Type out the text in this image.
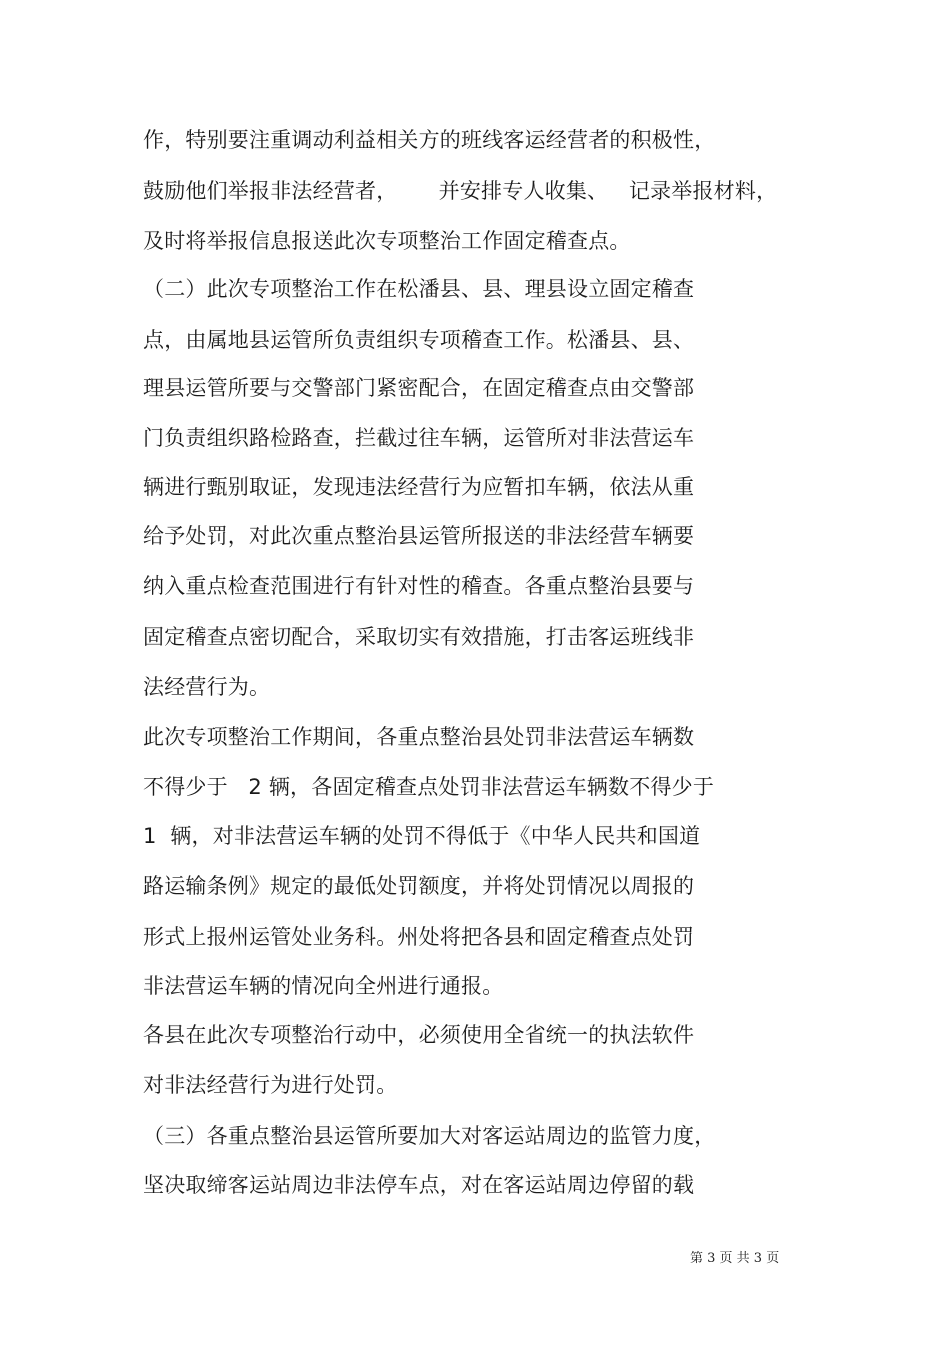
作，特别要注重调动利益相关方的班线客运经营者的积极性，
鼓励他们举报非法经营者，      并安排专人收集、   记录举报材料，
及时将举报信息报送此次专项整治工作固定稽查点。
（二）此次专项整治工作在松潘县、县、理县设立固定稽查
点，由属地县运管所负责组织专项稽查工作。松潘县、县、
理县运管所要与交警部门紧密配合，在固定稽查点由交警部
门负责组织路检路查，拦截过往车辆，运管所对非法营运车
辆进行甄别取证，发现违法经营行为应暂扣车辆，依法从重
给予处罚，对此次重点整治县运管所报送的非法经营车辆要
纳入重点检查范围进行有针对性的稽查。各重点整治县要与
固定稽查点密切配合，采取切实有效措施，打击客运班线非
法经营行为。
此次专项整治工作期间，各重点整治县处罚非法营运车辆数
不得少于   2 辆，各固定稽查点处罚非法营运车辆数不得少于
1  辆，对非法营运车辆的处罚不得低于《中华人民共和国道
路运输条例》规定的最低处罚额度，并将处罚情况以周报的
形式上报州运管处业务科。州处将把各县和固定稽查点处罚
非法营运车辆的情况向全州进行通报。
各县在此次专项整治行动中，必须使用全省统一的执法软件
对非法经营行为进行处罚。
（三）各重点整治县运管所要加大对客运站周边的监管力度，
坚决取缔客运站周边非法停车点，对在客运站周边停留的载
第 3 页 共 3 页
